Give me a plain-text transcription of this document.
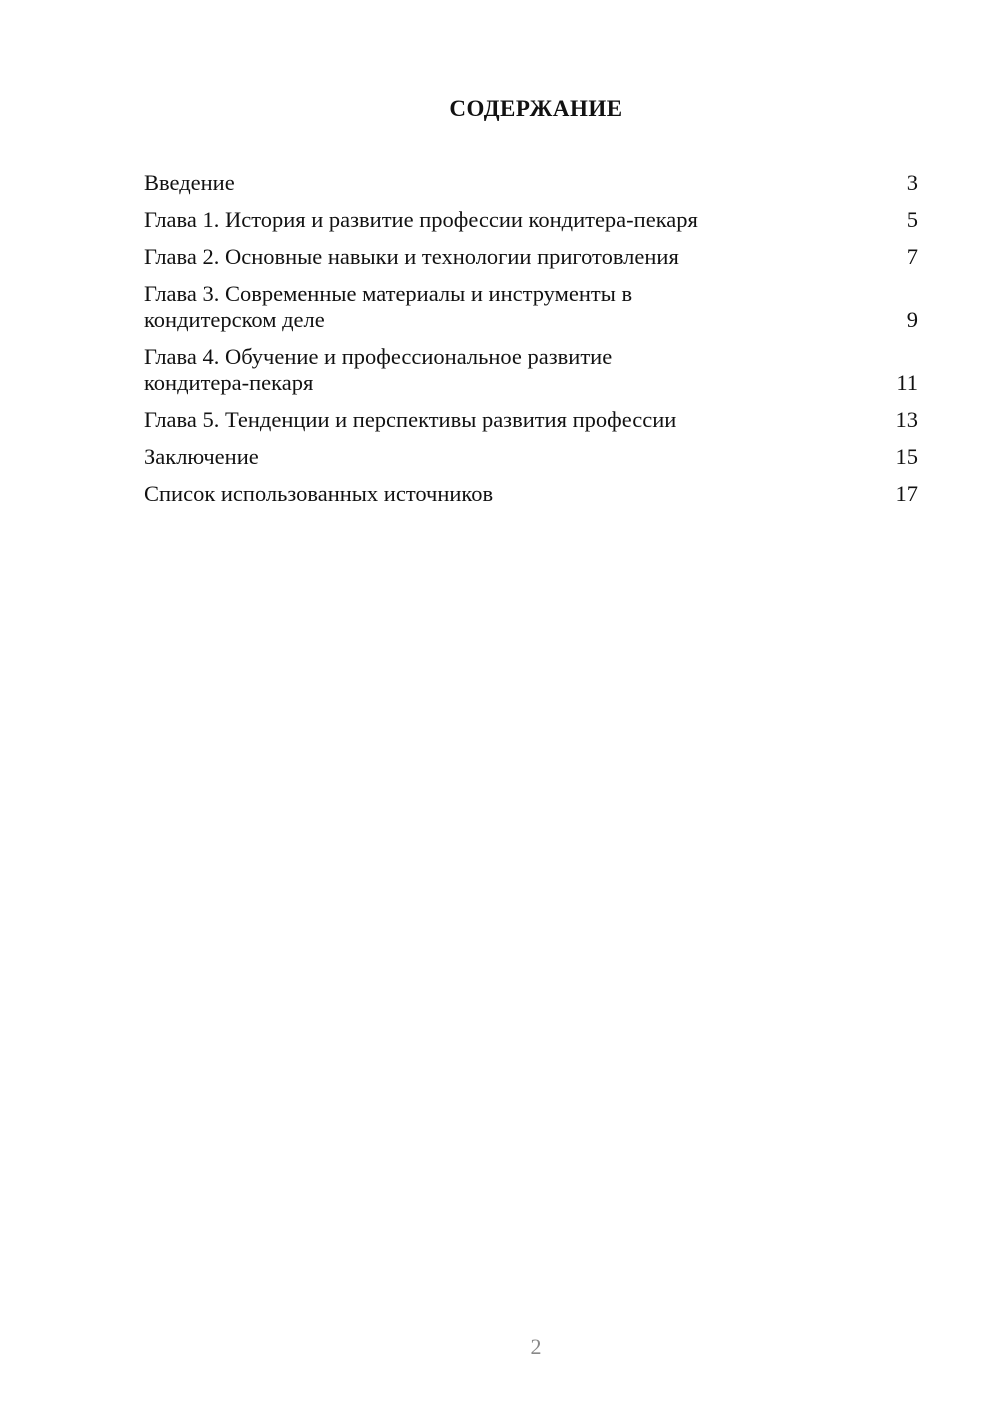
СОДЕРЖАНИЕ
Введение	3
Глава 1. История и развитие профессии кондитера-пекаря	5
Глава 2. Основные навыки и технологии приготовления	7
Глава 3. Современные материалы и инструменты в
кондитерском деле	9
Глава 4. Обучение и профессиональное развитие
кондитера-пекаря	11
Глава 5. Тенденции и перспективы развития профессии	13
Заключение	15
Список использованных источников	17
2
